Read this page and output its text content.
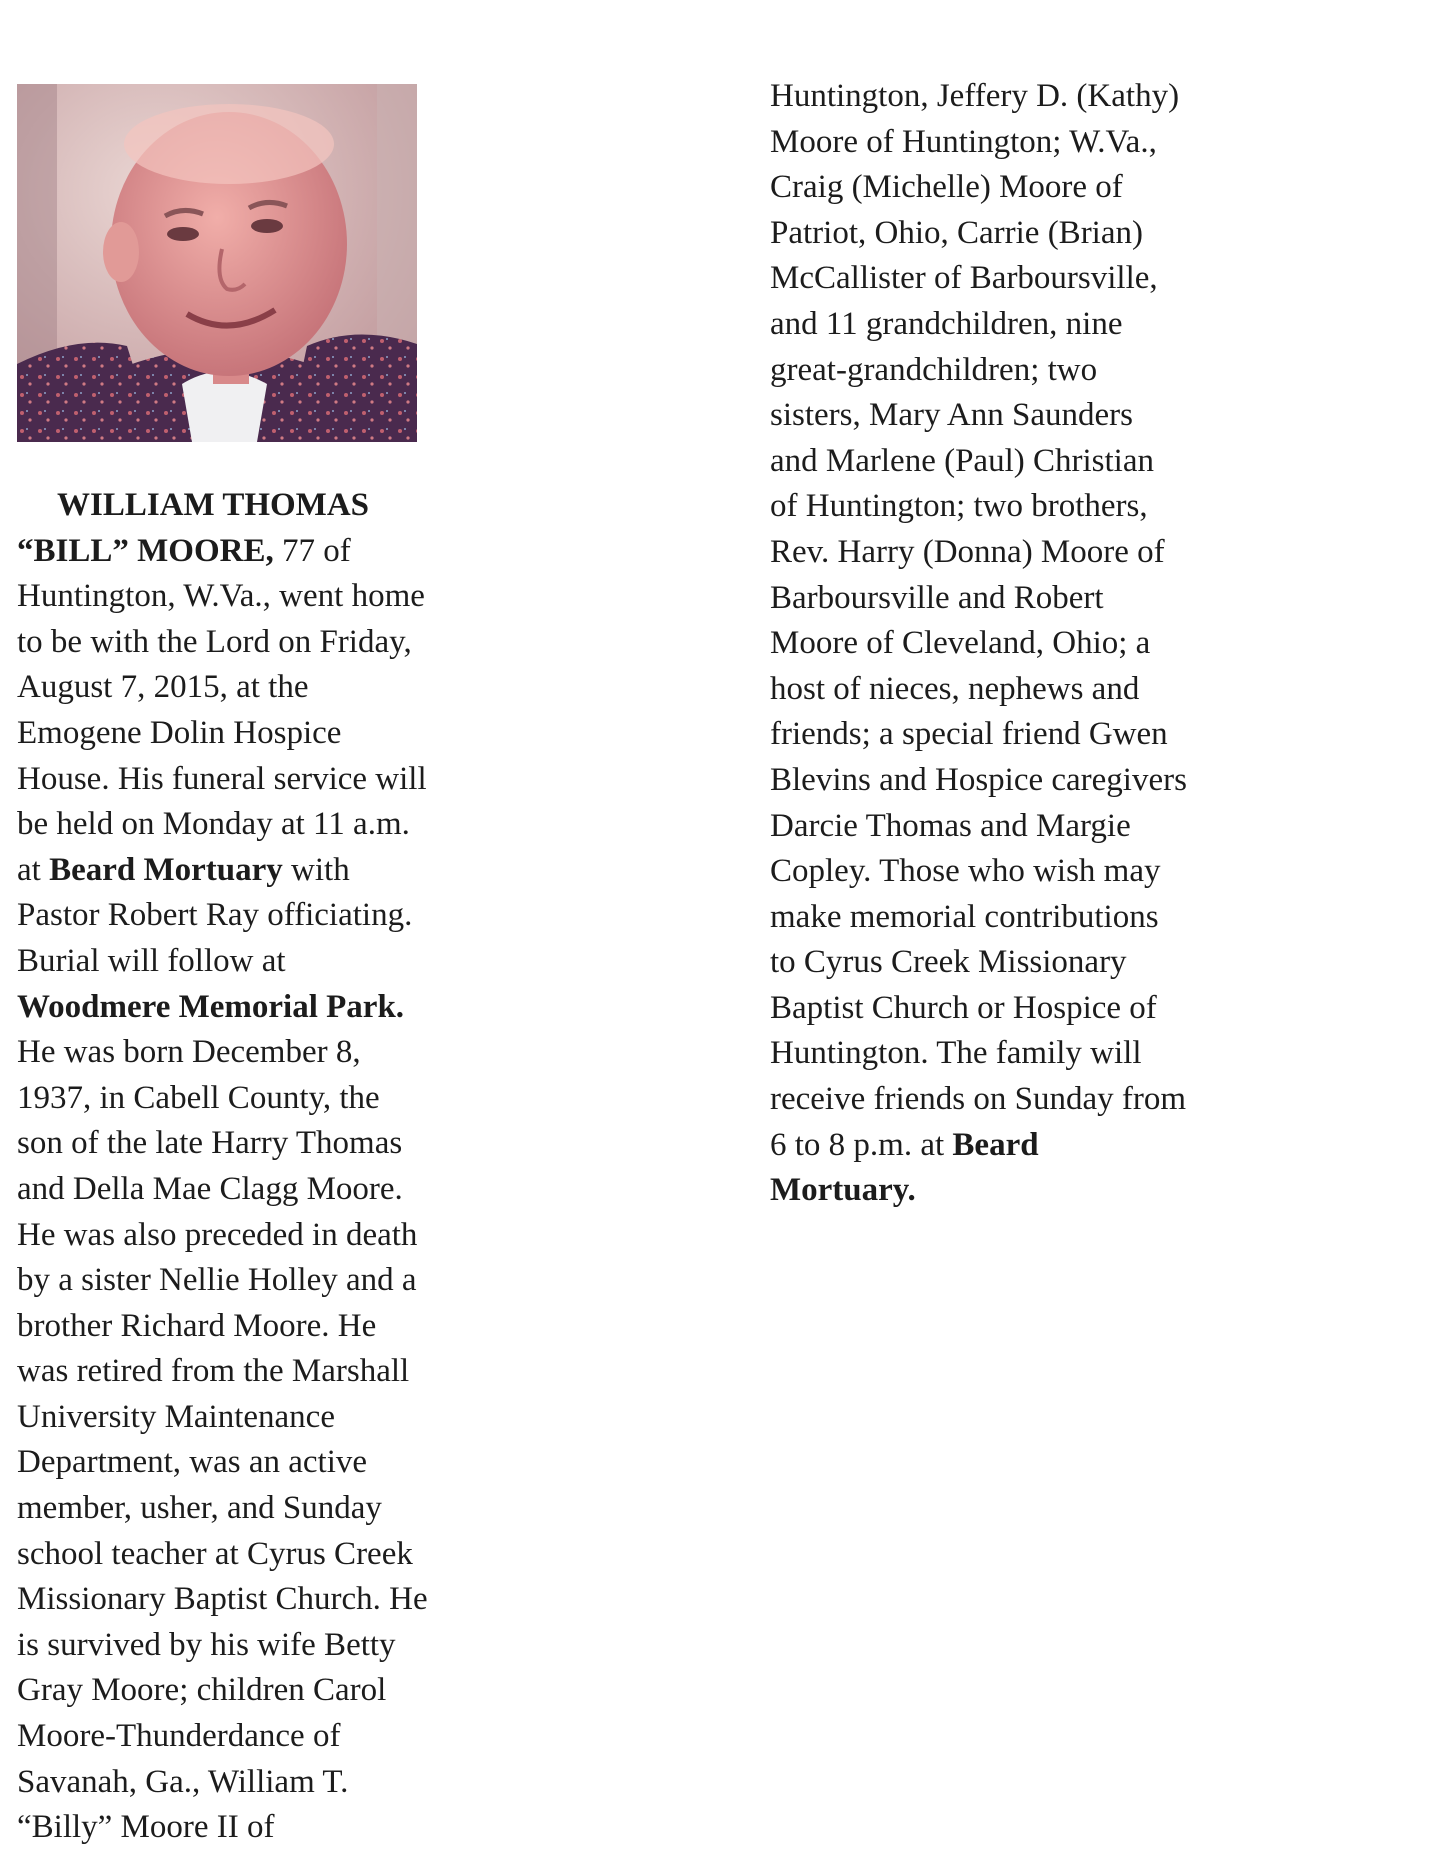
WILLIAM THOMAS
“BILL” MOORE, 77 of
Huntington, W.Va., went home
to be with the Lord on Friday,
August 7, 2015, at the
Emogene Dolin Hospice
House. His funeral service will
be held on Monday at 11 a.m.
at Beard Mortuary with
Pastor Robert Ray officiating.
Burial will follow at
Woodmere Memorial Park.
He was born December 8,
1937, in Cabell County, the
son of the late Harry Thomas
and Della Mae Clagg Moore.
He was also preceded in death
by a sister Nellie Holley and a
brother Richard Moore. He
was retired from the Marshall
University Maintenance
Department, was an active
member, usher, and Sunday
school teacher at Cyrus Creek
Missionary Baptist Church. He
is survived by his wife Betty
Gray Moore; children Carol
Moore-Thunderdance of
Savanah, Ga., William T.
“Billy” Moore II of
Huntington, Jeffery D. (Kathy)
Moore of Huntington; W.Va.,
Craig (Michelle) Moore of
Patriot, Ohio, Carrie (Brian)
McCallister of Barboursville,
and 11 grandchildren, nine
great-grandchildren; two
sisters, Mary Ann Saunders
and Marlene (Paul) Christian
of Huntington; two brothers,
Rev. Harry (Donna) Moore of
Barboursville and Robert
Moore of Cleveland, Ohio; a
host of nieces, nephews and
friends; a special friend Gwen
Blevins and Hospice caregivers
Darcie Thomas and Margie
Copley. Those who wish may
make memorial contributions
to Cyrus Creek Missionary
Baptist Church or Hospice of
Huntington. The family will
receive friends on Sunday from
6 to 8 p.m. at Beard
Mortuary.
